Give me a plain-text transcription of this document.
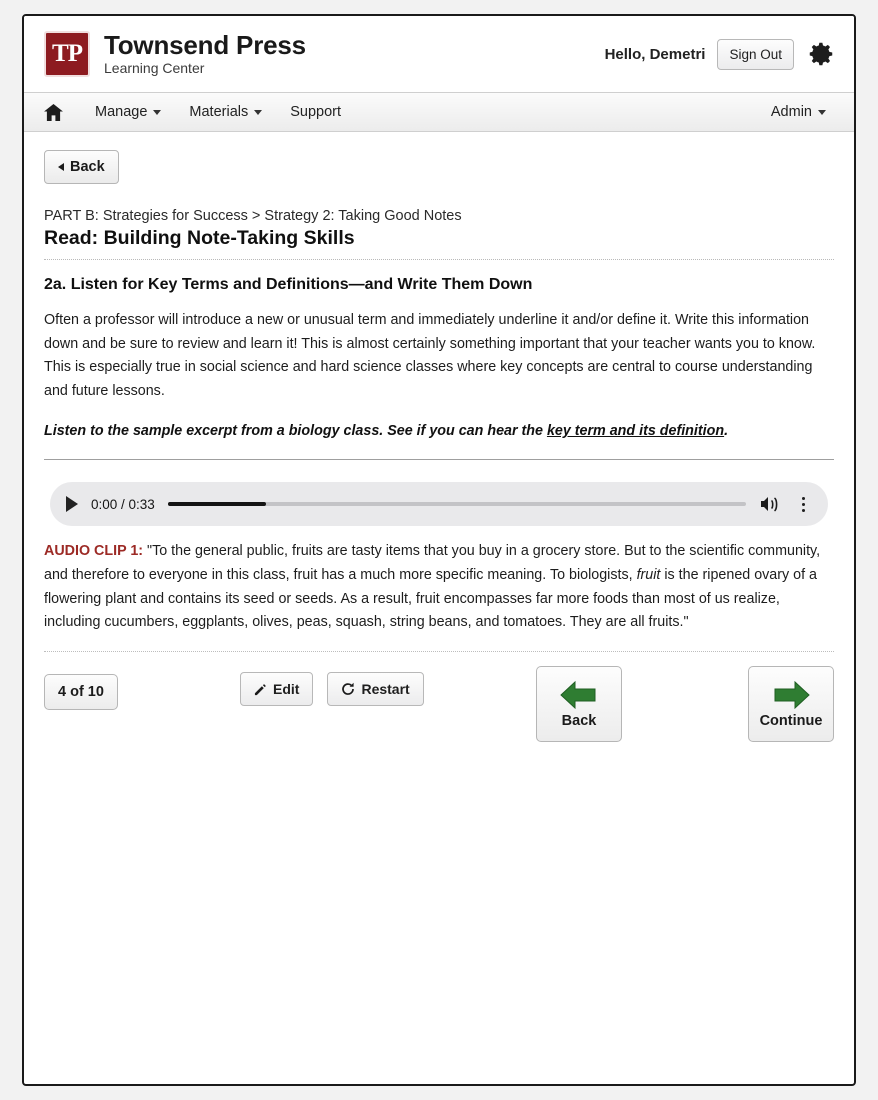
TP Townsend Press
Learning Center
Hello, Demetri	Sign Out
Manage	Materials	Support	Admin
Back
PART B: Strategies for Success > Strategy 2: Taking Good Notes
Read: Building Note-Taking Skills
2a. Listen for Key Terms and Definitions—and Write Them Down

Often a professor will introduce a new or unusual term and immediately underline it and/or define it. Write this information down and be sure to review and learn it! This is almost certainly something important that your teacher wants you to know. This is especially true in social science and hard science classes where key concepts are central to course understanding and future lessons.

Listen to the sample excerpt from a biology class. See if you can hear the key term and its definition.
0:00 / 0:33
AUDIO CLIP 1: "To the general public, fruits are tasty items that you buy in a grocery store. But to the scientific community, and therefore to everyone in this class, fruit has a much more specific meaning. To biologists, fruit is the ripened ovary of a flowering plant and contains its seed or seeds. As a result, fruit encompasses far more foods than most of us realize, including cucumbers, eggplants, olives, peas, squash, string beans, and tomatoes. They are all fruits."
4 of 10	Edit	Restart
Back	Continue
